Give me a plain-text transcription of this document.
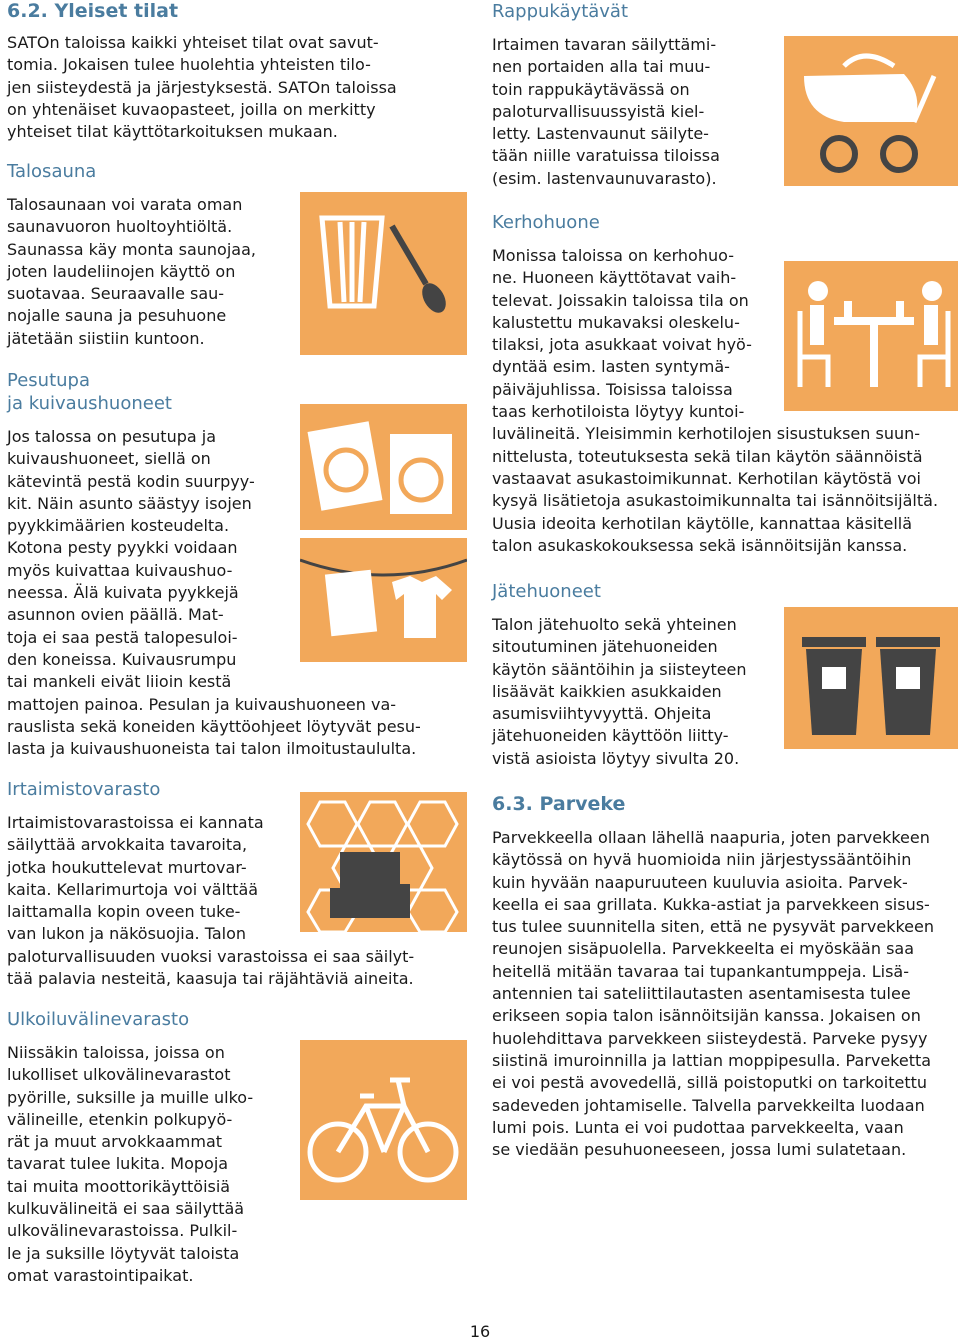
6.2. Yleiset tilat

SATOn taloissa kaikki yhteiset tilat ovat savut-
tomia. Jokaisen tulee huolehtia yhteisten tilo-
jen siisteydestä ja järjestyksestä. SATOn taloissa
on yhtenäiset kuvaopasteet, joilla on merkitty
yhteiset tilat käyttötarkoituksen mukaan.

Talosauna

Talosaunaan voi varata oman
saunavuoron huoltoyhtiöltä.
Saunassa käy monta saunojaa,
joten laudeliinojen käyttö on
suotavaa. Seuraavalle sau-
nojalle sauna ja pesuhuone
jätetään siistiin kuntoon.

Pesutupa
ja kuivaushuoneet

Jos talossa on pesutupa ja
kuivaushuoneet, siellä on
kätevintä pestä kodin suurpyy-
kit. Näin asunto säästyy isojen
pyykkimäärien kosteudelta.
Kotona pesty pyykki voidaan
myös kuivattaa kuivaushuo-
neessa. Älä kuivata pyykkejä
asunnon ovien päällä. Mat-
toja ei saa pestä talopesuloi-
den koneissa. Kuivausrumpu
tai mankeli eivät liioin kestä
mattojen painoa. Pesulan ja kuivaushuoneen va-
rauslista sekä koneiden käyttöohjeet löytyvät pesu-
lasta ja kuivaushuoneista tai talon ilmoitustaululta.

Irtaimistovarasto

Irtaimistovarastoissa ei kannata
säilyttää arvokkaita tavaroita,
jotka houkuttelevat murtovar-
kaita. Kellarimurtoja voi välttää
laittamalla kopin oveen tuke-
van lukon ja näkösuojia. Talon
paloturvallisuuden vuoksi varastoissa ei saa säilyt-
tää palavia nesteitä, kaasuja tai räjähtäviä aineita.

Ulkoiluvälinevarasto

Niissäkin taloissa, joissa on
lukolliset ulkovälinevarastot
pyörille, suksille ja muille ulko-
välineille, etenkin polkupyö-
rät ja muut arvokkaammat
tavarat tulee lukita. Mopoja
tai muita moottorikäyttöisiä
kulkuvälineitä ei saa säilyttää
ulkovälinevarastoissa. Pulkil-
le ja suksille löytyvät taloista
omat varastointipaikat.

Rappukäytävät

Irtaimen tavaran säilyttämi-
nen portaiden alla tai muu-
toin rappukäytävässä on
paloturvallisuussyistä kiel-
letty. Lastenvaunut säilyte-
tään niille varatuissa tiloissa
(esim. lastenvaunuvarasto).

Kerhohuone

Monissa taloissa on kerhohuo-
ne. Huoneen käyttötavat vaih-
televat. Joissakin taloissa tila on
kalustettu mukavaksi oleskelu-
tilaksi, jota asukkaat voivat hyö-
dyntää esim. lasten syntymä-
päiväjuhlissa. Toisissa taloissa
taas kerhotiloista löytyy kuntoi-
luvälineitä. Yleisimmin kerhotilojen sisustuksen suun-
nittelusta, toteutuksesta sekä tilan käytön säännöistä
vastaavat asukastoimikunnat. Kerhotilan käytöstä voi
kysyä lisätietoja asukastoimikunnalta tai isännöitsijältä.
Uusia ideoita kerhotilan käytölle, kannattaa käsitellä
talon asukaskokouksessa sekä isännöitsijän kanssa.

Jätehuoneet

Talon jätehuolto sekä yhteinen
sitoutuminen jätehuoneiden
käytön sääntöihin ja siisteyteen
lisäävät kaikkien asukkaiden
asumisviihtyvyyttä. Ohjeita
jätehuoneiden käyttöön liitty-
vistä asioista löytyy sivulta 20.

6.3. Parveke

Parvekkeella ollaan lähellä naapuria, joten parvekkeen
käytössä on hyvä huomioida niin järjestyssääntöihin
kuin hyvään naapuruuteen kuuluvia asioita. Parvek-
keella ei saa grillata. Kukka-astiat ja parvekkeen sisus-
tus tulee suunnitella siten, että ne pysyvät parvekkeen
reunojen sisäpuolella. Parvekkeelta ei myöskään saa
heitellä mitään tavaraa tai tupankantumppeja. Lisä-
antennien tai sateliittilautasten asentamisesta tulee
erikseen sopia talon isännöitsijän kanssa. Jokaisen on
huolehdittava parvekkeen siisteydestä. Parveke pysyy
siistinä imuroinnilla ja lattian moppipesulla. Parveketta
ei voi pestä avovedellä, sillä poistoputki on tarkoitettu
sadeveden johtamiselle. Talvella parvekkeilta luodaan
lumi pois. Lunta ei voi pudottaa parvekkeelta, vaan
se viedään pesuhuoneeseen, jossa lumi sulatetaan.

16
